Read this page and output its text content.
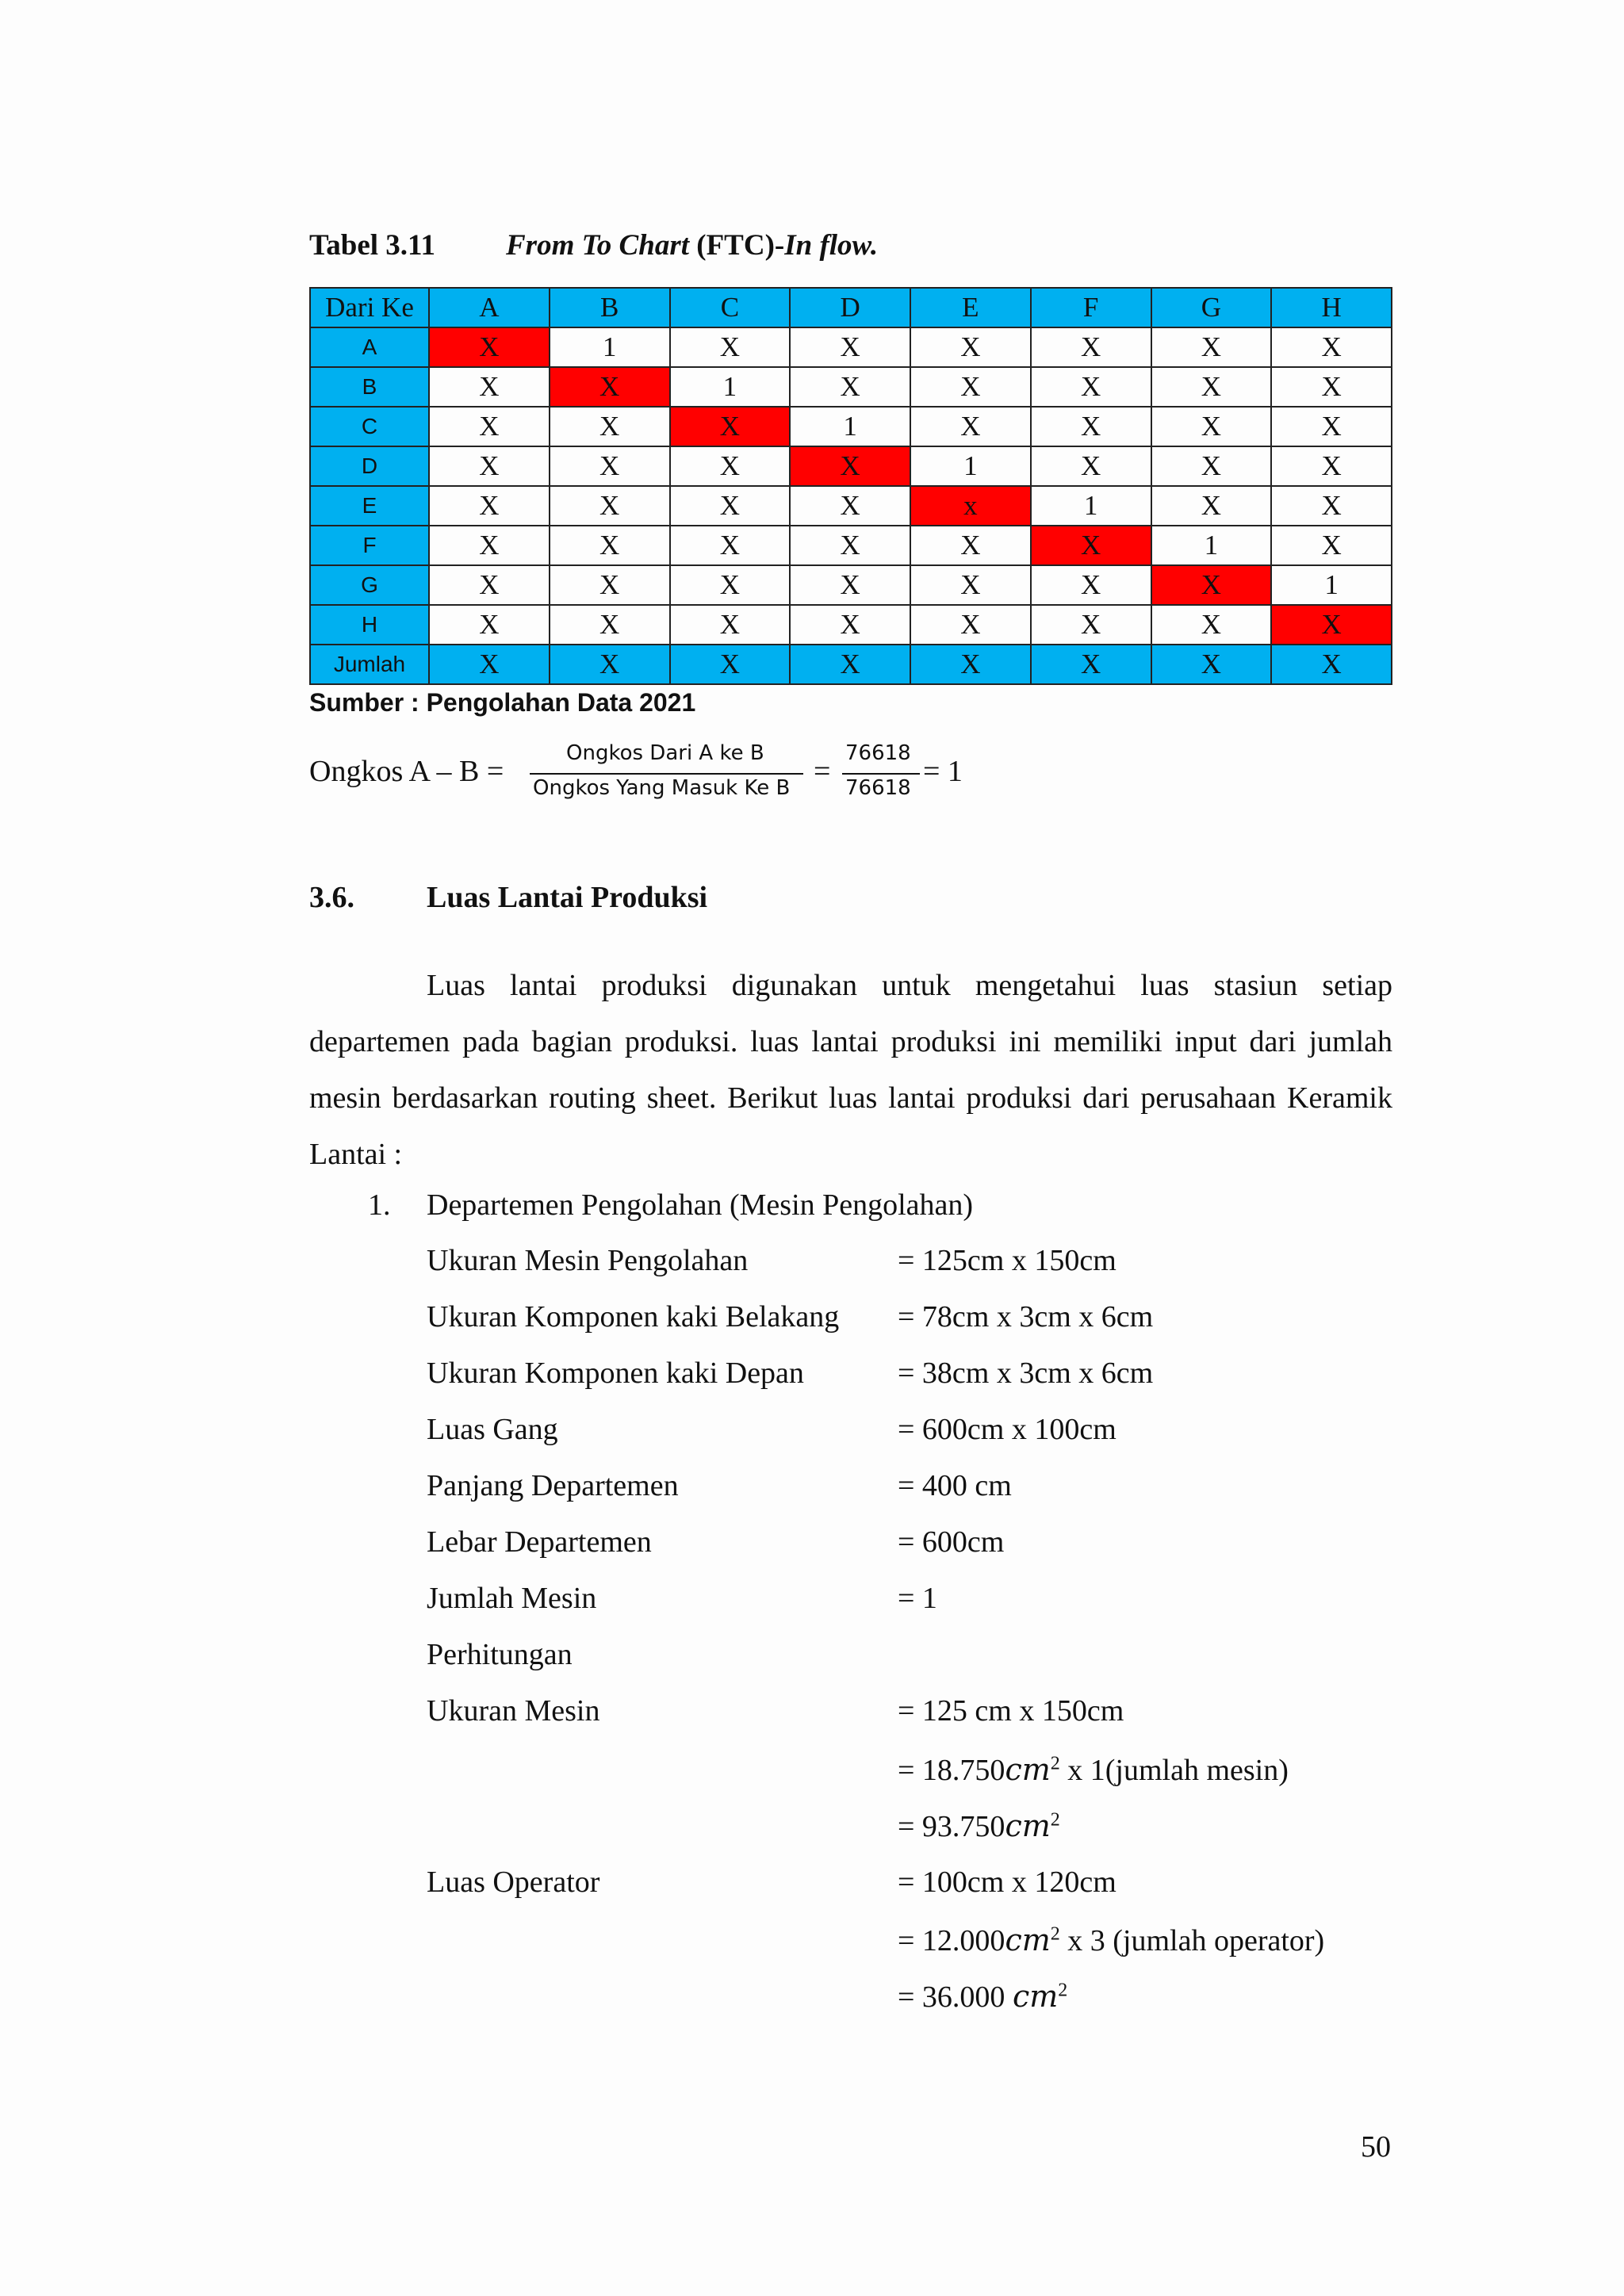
Tabel 3.11 From To Chart (FTC)-In flow.
Dari Ke	A	B	C	D	E	F	G	H
A	X	1	X	X	X	X	X	X
B	X	X	1	X	X	X	X	X
C	X	X	X	1	X	X	X	X
D	X	X	X	X	1	X	X	X
E	X	X	X	X	x	1	X	X
F	X	X	X	X	X	X	1	X
G	X	X	X	X	X	X	X	1
H	X	X	X	X	X	X	X	X
Jumlah	X	X	X	X	X	X	X	X
Sumber : Pengolahan Data 2021
Ongkos A – B =
Ongkos Dari A ke B
Ongkos Yang Masuk Ke B =
76618
76618 = 1
3.6. Luas Lantai Produksi
Luas lantai produksi digunakan untuk mengetahui luas stasiun setiap departemen pada bagian produksi. luas lantai produksi ini memiliki input dari jumlah mesin berdasarkan routing sheet. Berikut luas lantai produksi dari perusahaan Keramik Lantai :
1. Departemen Pengolahan (Mesin Pengolahan)
Ukuran Mesin Pengolahan	= 125cm x 150cm
Ukuran Komponen kaki Belakang = 78cm x 3cm x 6cm
Ukuran Komponen kaki Depan	= 38cm x 3cm x 6cm
Luas Gang	= 600cm x 100cm
Panjang Departemen	= 400 cm
Lebar Departemen	= 600cm
Jumlah Mesin	= 1
Perhitungan
Ukuran Mesin	= 125 cm x 150cm
= $18.750cm^2$ x 1(jumlah mesin)
= $93.750cm^2$
Luas Operator	= 100cm x 120cm
= $12.000cm^2$ x 3 (jumlah operator)
= 36.000 $cm^2$
50
